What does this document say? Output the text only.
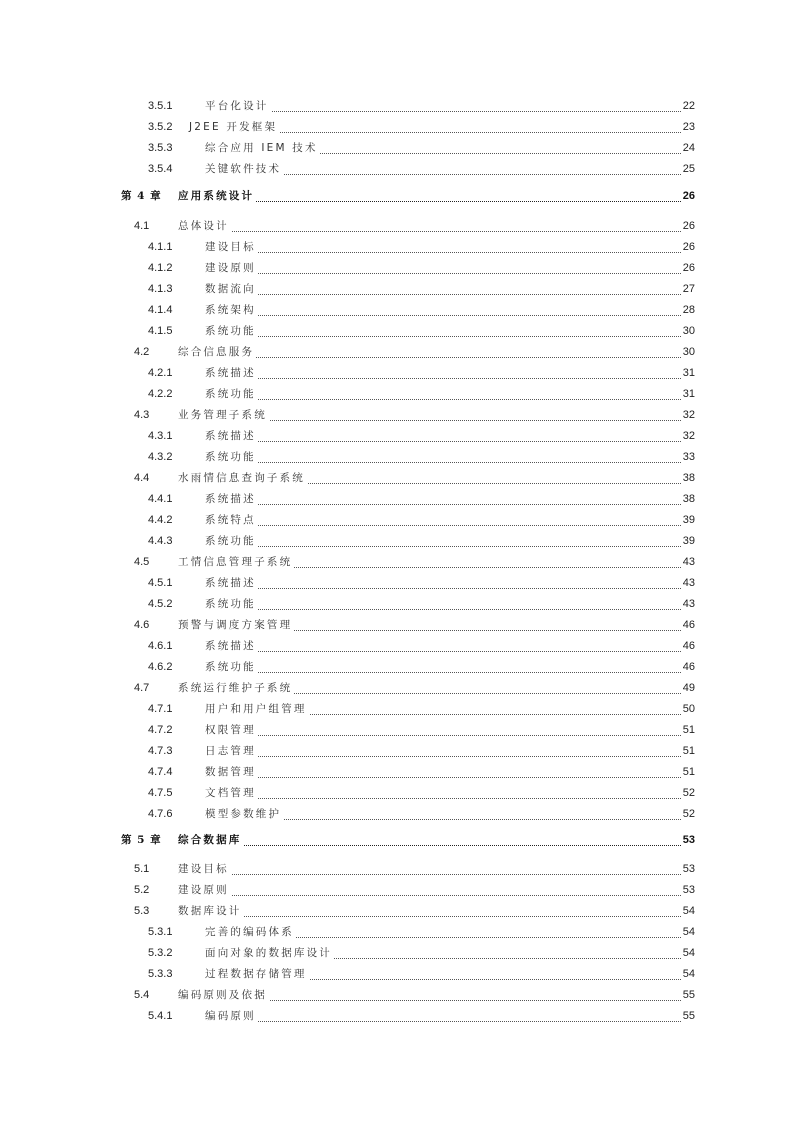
3.5.1	平台化设计	22
3.5.2 J2EE 开发框架	23
3.5.3	综合应用 IEM 技术	24
3.5.4	关键软件技术	25
第 4 章 应用系统设计	26
4.1	总体设计	26
4.1.1	建设目标	26
4.1.2	建设原则	26
4.1.3	数据流向	27
4.1.4	系统架构	28
4.1.5	系统功能	30
4.2	综合信息服务	30
4.2.1	系统描述	31
4.2.2	系统功能	31
4.3	业务管理子系统	32
4.3.1	系统描述	32
4.3.2	系统功能	33
4.4	水雨情信息查询子系统	38
4.4.1	系统描述	38
4.4.2	系统特点	39
4.4.3	系统功能	39
4.5	工情信息管理子系统	43
4.5.1	系统描述	43
4.5.2	系统功能	43
4.6	预警与调度方案管理	46
4.6.1	系统描述	46
4.6.2	系统功能	46
4.7	系统运行维护子系统	49
4.7.1	用户和用户组管理	50
4.7.2	权限管理	51
4.7.3	日志管理	51
4.7.4	数据管理	51
4.7.5	文档管理	52
4.7.6	模型参数维护	52
第 5 章 综合数据库	53
5.1	建设目标	53
5.2	建设原则	53
5.3	数据库设计	54
5.3.1	完善的编码体系	54
5.3.2	面向对象的数据库设计	54
5.3.3	过程数据存储管理	54
5.4	编码原则及依据	55
5.4.1	编码原则	55
